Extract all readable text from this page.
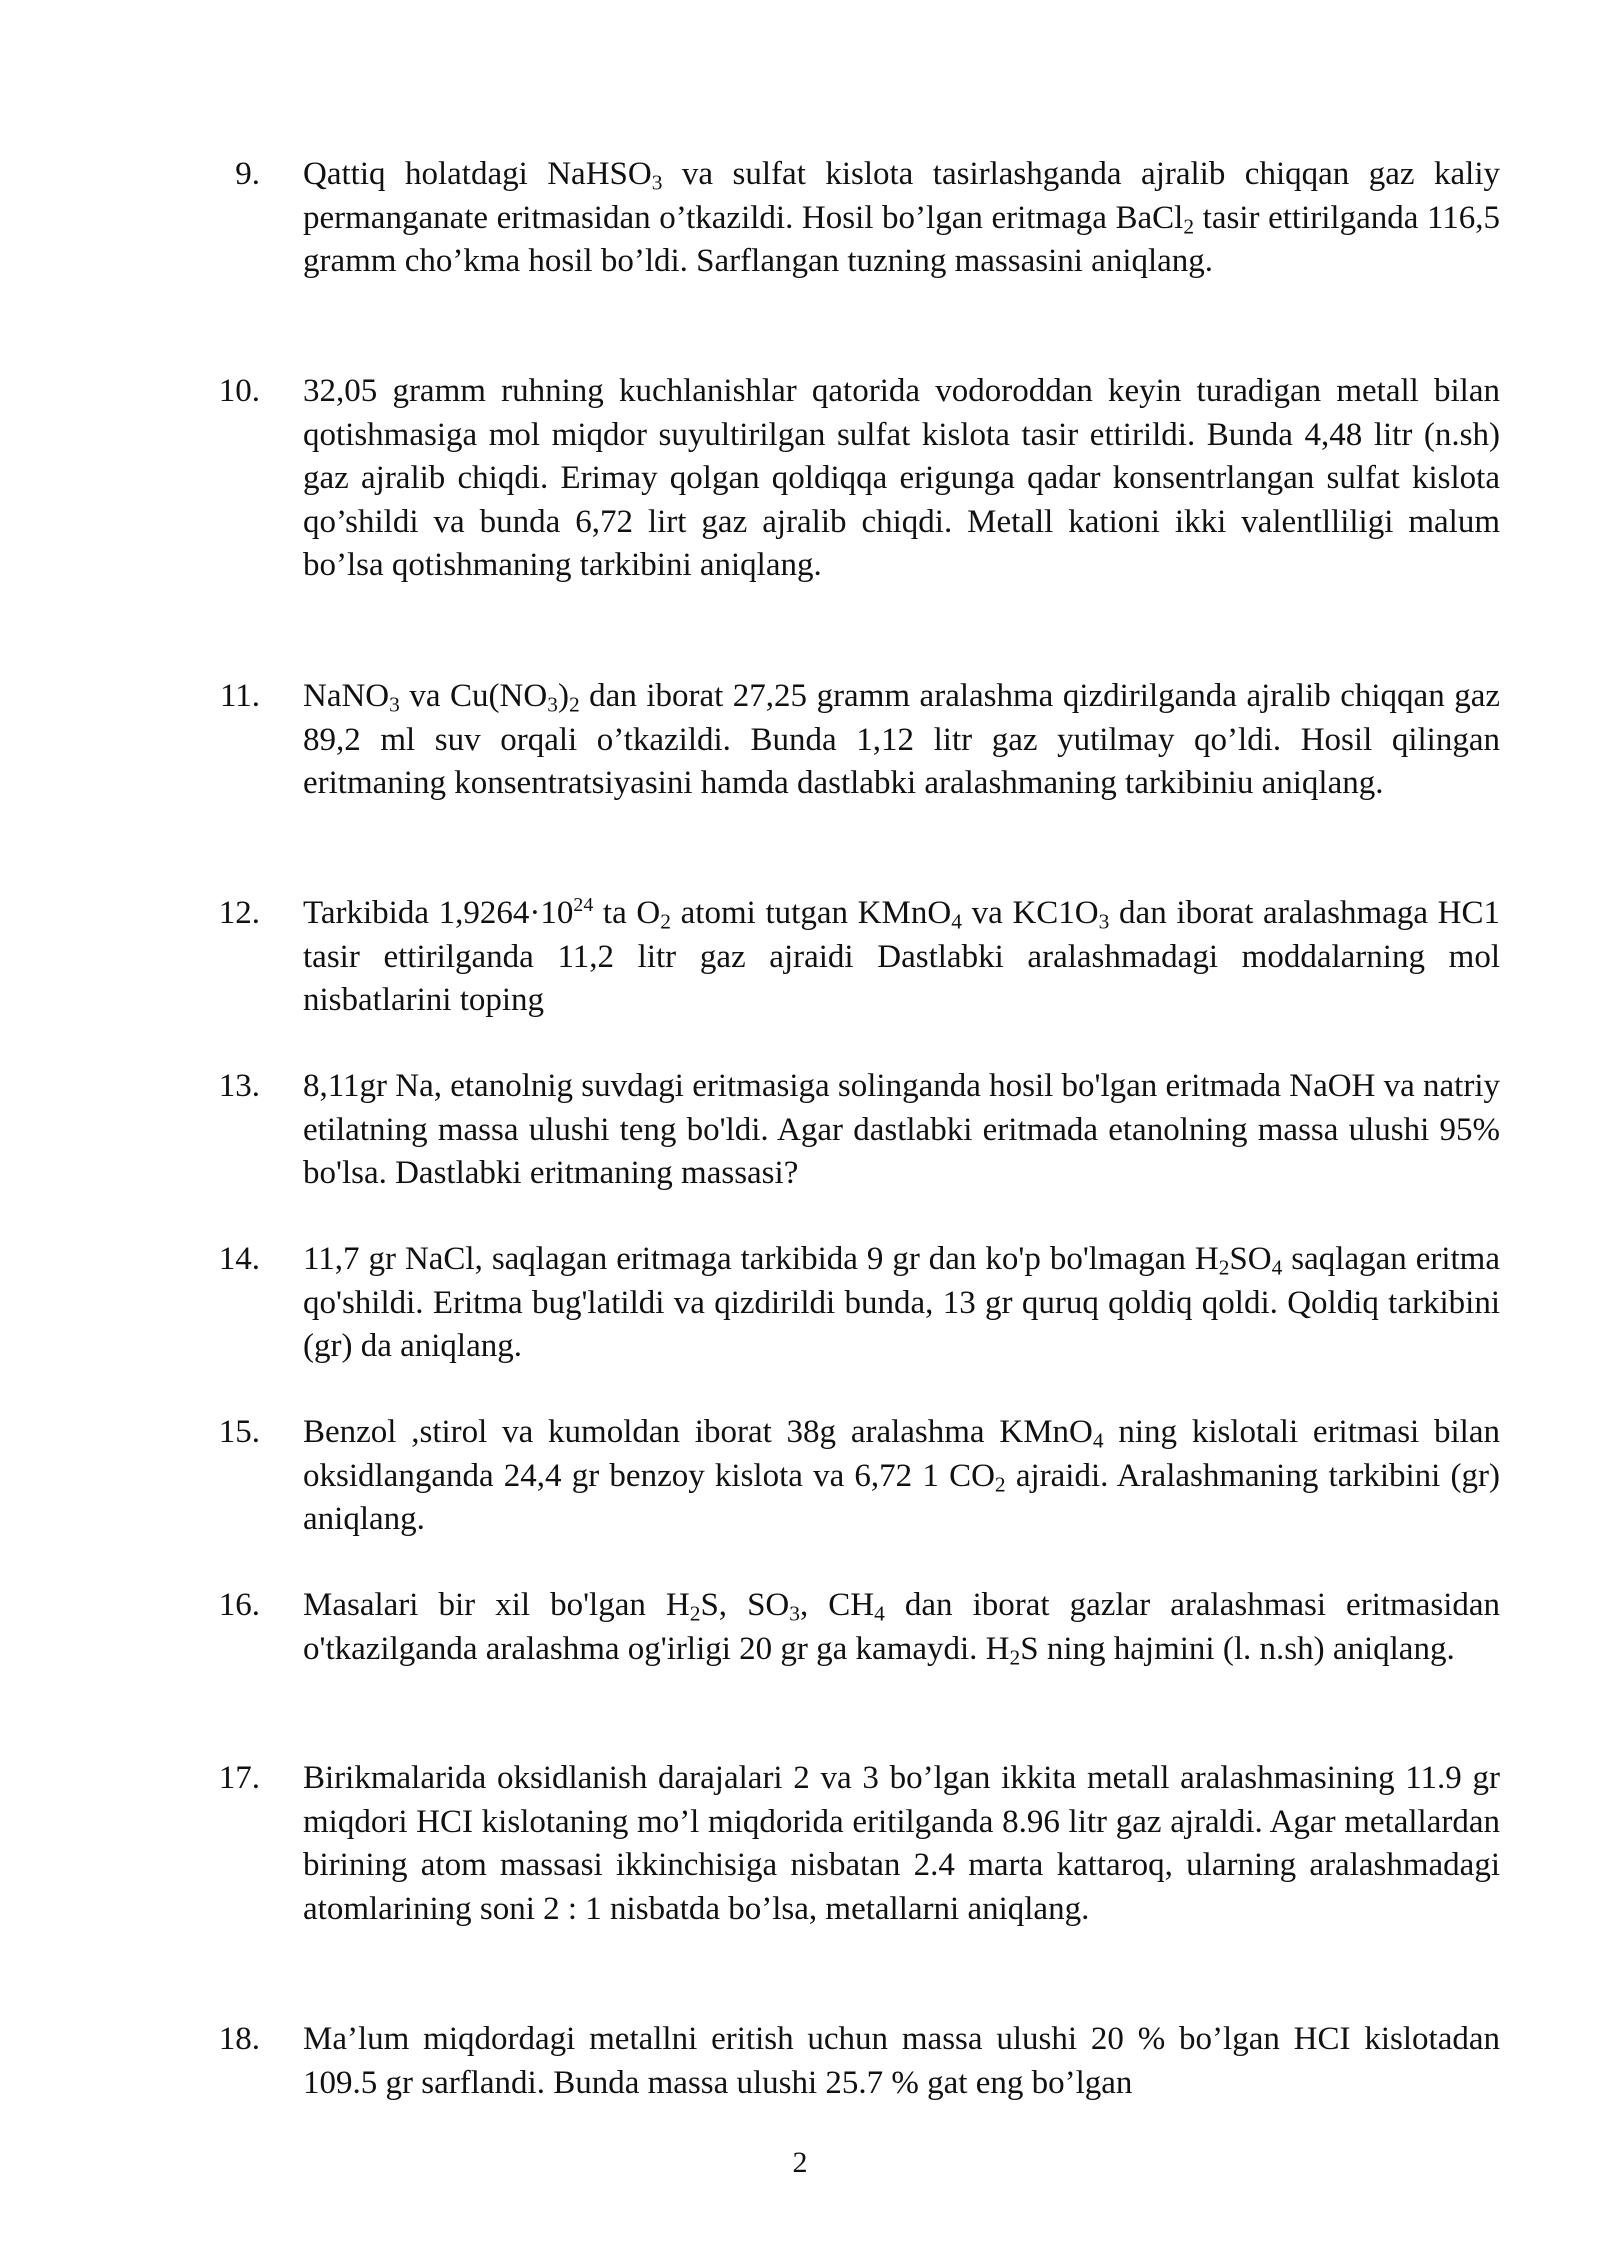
9. Qattiq holatdagi NaHSO$_3$ va sulfat kislota tasirlashganda ajralib chiqqan gaz kaliy permanganate eritmasidan o’tkazildi. Hosil bo’lgan eritmaga BaCl$_2$ tasir ettirilganda 116,5 gramm cho’kma hosil bo’ldi. Sarflangan tuzning massasini aniqlang.
10. 32,05 gramm ruhning kuchlanishlar qatorida vodoroddan keyin turadigan metall bilan qotishmasiga mol miqdor suyultirilgan sulfat kislota tasir ettirildi. Bunda 4,48 litr (n.sh) gaz ajralib chiqdi. Erimay qolgan qoldiqqa erigunga qadar konsentrlangan sulfat kislota qo’shildi va bunda 6,72 lirt gaz ajralib chiqdi. Metall kationi ikki valentlliligi malum bo’lsa qotishmaning tarkibini aniqlang.
11. NaNO$_3$ va $Cu(NO_3)_2$ dan iborat 27,25 gramm aralashma qizdirilganda ajralib chiqqan gaz 89,2 ml suv orqali o’tkazildi. Bunda 1,12 litr gaz yutilmay qo’ldi. Hosil qilingan eritmaning konsentratsiyasini hamda dastlabki aralashmaning tarkibiniu aniqlang.
12. Tarkibida $1,9264\cdot 10^{24}$ ta $O_2$ atomi tutgan KMnO$_4$ va $KC1O_3$ dan iborat aralashmaga HC1 tasir ettirilganda 11,2 litr gaz ajraidi Dastlabki aralashmadagi moddalarning mol nisbatlarini toping
13. 8,11gr Na, etanolnig suvdagi eritmasiga solinganda hosil bo'lgan eritmada NaOH va natriy etilatning massa ulushi teng bo'ldi. Agar dastlabki eritmada etanolning massa ulushi 95% bo'lsa. Dastlabki eritmaning massasi?
14. 11,7 gr NaCl, saqlagan eritmaga tarkibida 9 gr dan ko'p bo'lmagan $H_2SO_4$ saqlagan eritma qo'shildi. Eritma bug'latildi va qizdirildi bunda, 13 gr quruq qoldiq qoldi. Qoldiq tarkibini (gr) da aniqlang.
15. Benzol ,stirol va kumoldan iborat 38g aralashma KMnO$_4$ ning kislotali eritmasi bilan oksidlanganda 24,4 gr benzoy kislota va 6,72 1 $CO_2$ ajraidi. Aralashmaning tarkibini (gr) aniqlang.
16. Masalari bir xil bo'lgan $H_2S$, $SO_3$, $CH_4$ dan iborat gazlar aralashmasi eritmasidan o'tkazilganda aralashma og'irligi 20 gr ga kamaydi. $H_2S$ ning hajmini (l. n.sh) aniqlang.
17. Birikmalarida oksidlanish darajalari 2 va 3 bo’lgan ikkita metall aralashmasining 11.9 gr miqdori HCI kislotaning mo’l miqdorida eritilganda 8.96 litr gaz ajraldi. Agar metallardan birining atom massasi ikkinchisiga nisbatan 2.4 marta kattaroq, ularning aralashmadagi atomlarining soni 2 : 1 nisbatda bo’lsa, metallarni aniqlang.
18. Ma’lum miqdordagi metallni eritish uchun massa ulushi 20 % bo’lgan HCI kislotadan 109.5 gr sarflandi. Bunda massa ulushi 25.7 % gat eng bo’lgan
2
